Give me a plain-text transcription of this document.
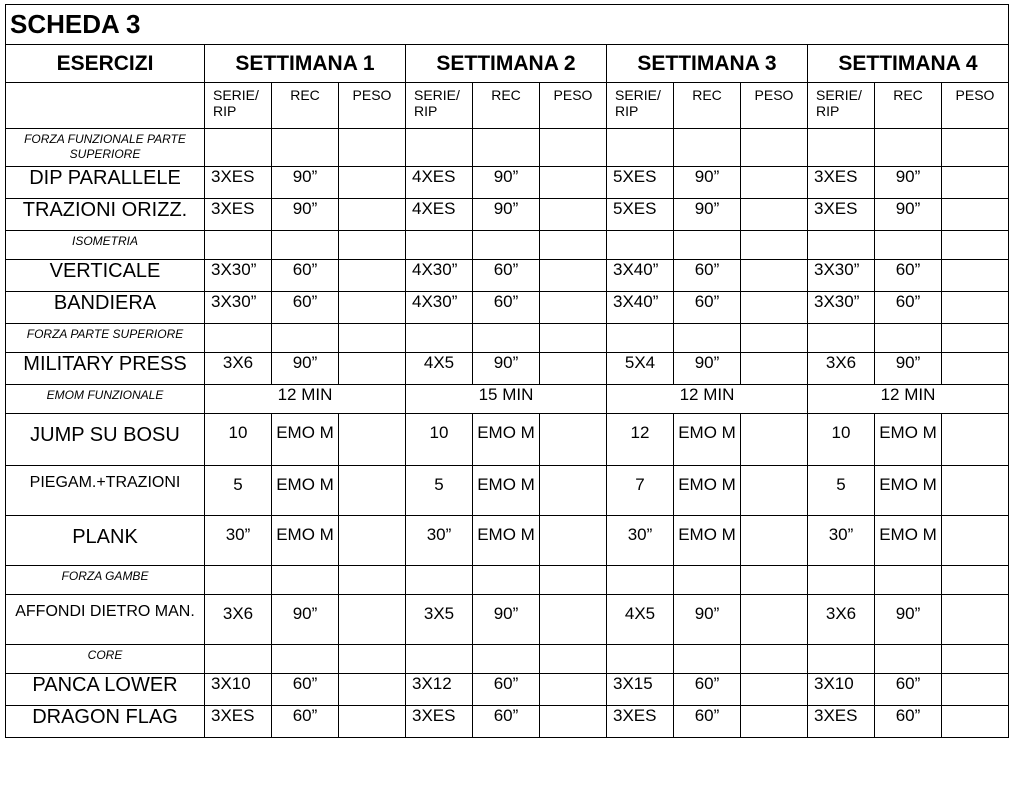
SCHEDA 3												
ESERCIZI	SETTIMANA 1			SETTIMANA 2			SETTIMANA 3			SETTIMANA 4		
	SERIE/ RIP	REC	PESO	SERIE/ RIP	REC	PESO	SERIE/ RIP	REC	PESO	SERIE/ RIP	REC	PESO
FORZA FUNZIONALE PARTE SUPERIORE												
DIP PARALLELE	3XES	90”		4XES	90”		5XES	90”		3XES	90”	
TRAZIONI ORIZZ.	3XES	90”		4XES	90”		5XES	90”		3XES	90”	
ISOMETRIA												
VERTICALE	3X30”	60”		4X30”	60”		3X40”	60”		3X30”	60”	
BANDIERA	3X30”	60”		4X30”	60”		3X40”	60”		3X30”	60”	
FORZA PARTE SUPERIORE												
MILITARY PRESS	3X6	90”		4X5	90”		5X4	90”		3X6	90”	
EMOM FUNZIONALE	12 MIN			15 MIN			12 MIN			12 MIN		
JUMP SU BOSU	10	EMO M		10	EMO M		12	EMO M		10	EMO M	
PIEGAM.+TRAZIONI	5	EMO M		5	EMO M		7	EMO M		5	EMO M	
PLANK	30”	EMO M		30”	EMO M		30”	EMO M		30”	EMO M	
FORZA GAMBE												
AFFONDI DIETRO MAN.	3X6	90”		3X5	90”		4X5	90”		3X6	90”	
CORE												
PANCA LOWER	3X10	60”		3X12	60”		3X15	60”		3X10	60”	
DRAGON FLAG	3XES	60”		3XES	60”		3XES	60”		3XES	60”	
